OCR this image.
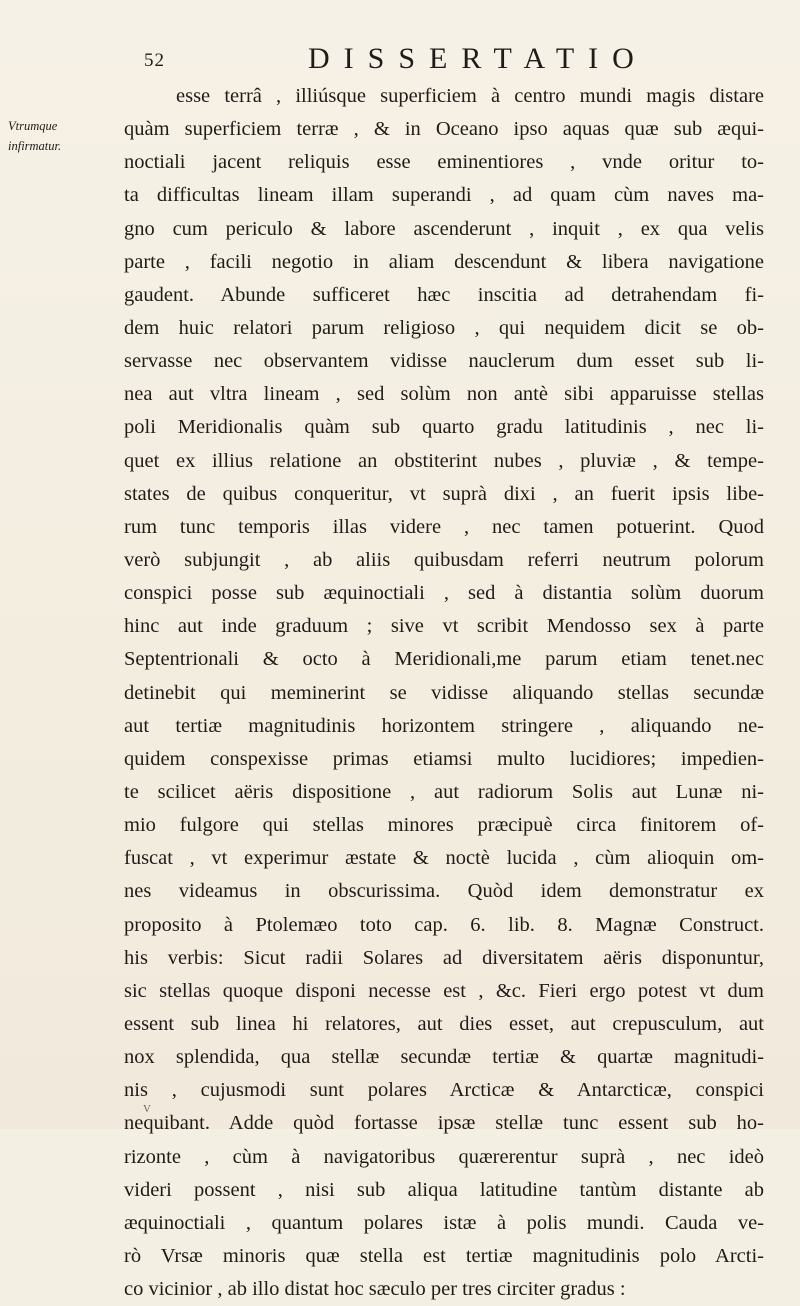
52	DISSERTATIO
Vtrumque
infirmatur.
esse terrâ , illiúsque superficiem à centro mundi magis distare
quàm superficiem terræ , & in Oceano ipso aquas quæ sub æqui-
noctiali jacent reliquis esse eminentiores , vnde oritur to-
ta difficultas lineam illam superandi , ad quam cùm naves ma-
gno cum periculo & labore ascenderunt , inquit , ex qua velis
parte , facili negotio in aliam descendunt & libera navigatione
gaudent. Abunde sufficeret hæc inscitia ad detrahendam fi-
dem huic relatori parum religioso , qui nequidem dicit se ob-
servasse nec observantem vidisse nauclerum dum esset sub li-
nea aut vltra lineam , sed solùm non antè sibi apparuisse stellas
poli Meridionalis quàm sub quarto gradu latitudinis , nec li-
quet ex illius relatione an obstiterint nubes , pluviæ , & tempe-
states de quibus conqueritur, vt suprà dixi , an fuerit ipsis libe-
rum tunc temporis illas videre , nec tamen potuerint. Quod
verò subjungit , ab aliis quibusdam referri neutrum polorum
conspici posse sub æquinoctiali , sed à distantia solùm duorum
hinc aut inde graduum ; sive vt scribit Mendosso sex à parte
Septentrionali & octo à Meridionali,me parum etiam tenet.nec
detinebit qui meminerint se vidisse aliquando stellas secundæ
aut tertiæ magnitudinis horizontem stringere , aliquando ne-
quidem conspexisse primas etiamsi multo lucidiores; impedien-
te scilicet aëris dispositione , aut radiorum Solis aut Lunæ ni-
mio fulgore qui stellas minores præcipuè circa finitorem of-
fuscat , vt experimur æstate & noctè lucida , cùm alioquin om-
nes videamus in obscurissima. Quòd idem demonstratur ex
proposito à Ptolemæo toto cap. 6. lib. 8. Magnæ Construct.
his verbis: Sicut radii Solares ad diversitatem aëris disponuntur,
sic stellas quoque disponi necesse est , &c. Fieri ergo potest vt dum
essent sub linea hi relatores, aut dies esset, aut crepusculum, aut
nox splendida, qua stellæ secundæ tertiæ & quartæ magnitudi-
nis , cujusmodi sunt polares Arcticæ & Antarcticæ, conspici
nequibant. Adde quòd fortasse ipsæ stellæ tunc essent sub ho-
rizonte , cùm à navigatoribus quærerentur suprà , nec ideò
videri possent , nisi sub aliqua latitudine tantùm distante ab
æquinoctiali , quantum polares istæ à polis mundi. Cauda ve-
rò Vrsæ minoris quæ stella est tertiæ magnitudinis polo Arcti-
co vicinior , ab illo distat hoc sæculo per tres circiter gradus :
V
